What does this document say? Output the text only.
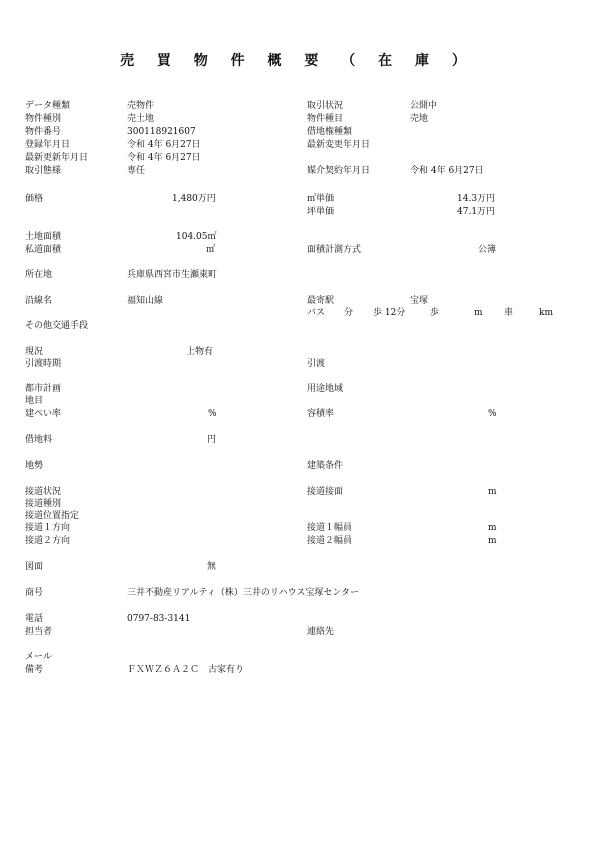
売 買 物 件 概 要 （ 在 庫 ）
データ種類	売物件	取引状況	公開中
物件種別	売土地	物件種目	売地
物件番号	300118921607	借地権種類
登録年月日	令和 4年 6月27日	最新変更年月日
最新更新年月日	令和 4年 6月27日
取引態様	専任	媒介契約年月日	令和 4年 6月27日
価格	1,480万円	㎡単価	14.3万円
坪単価	47.1万円
土地面積	104.05㎡
私道面積	㎡	面積計測方式	公簿
所在地	兵庫県西宮市生瀬東町
沿線名	福知山線	最寄駅	宝塚
バス 分 歩 12分	歩	m 車	km
その他交通手段
現況	上物有
引渡時期	引渡
都市計画	用途地域
地目
建ぺい率	%	容積率	%
借地料	円
地勢	建築条件
接道状況	接道接面	m
接道種別
接道位置指定
接道１方向	接道１幅員	m
接道２方向	接道２幅員	m
図面	無
商号	三井不動産リアルティ（株）三井のリハウス宝塚センター
電話	0797-83-3141
担当者	連絡先
メール
備考	ＦＸＷＺ６Ａ２Ｃ　古家有り
